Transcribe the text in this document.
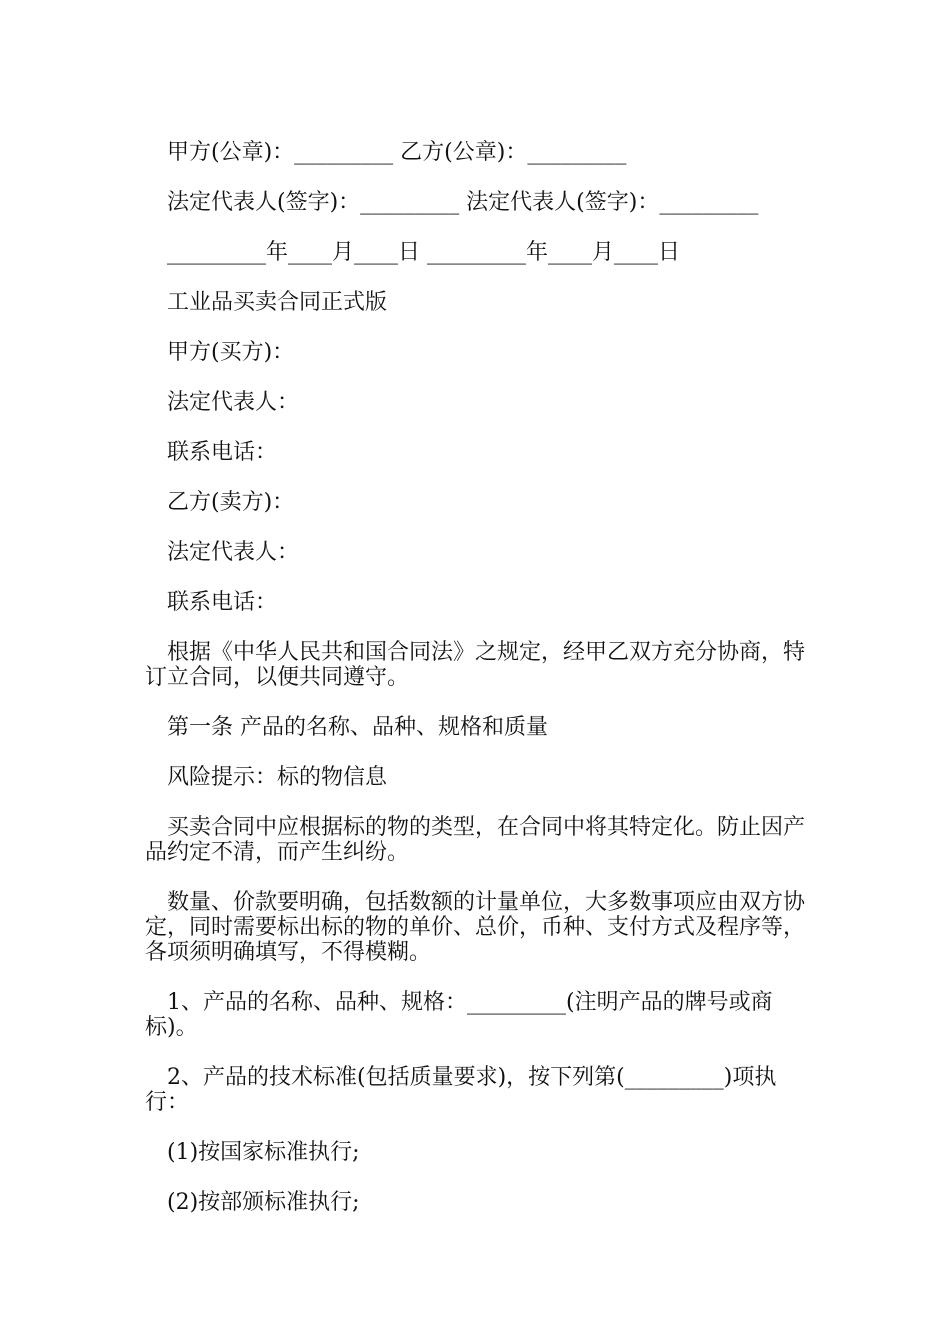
甲方(公章)：_________ 乙方(公章)：_________

法定代表人(签字)：_________ 法定代表人(签字)：_________

_________年____月____日 _________年____月____日

工业品买卖合同正式版

甲方(买方)：

法定代表人：

联系电话：

乙方(卖方)：

法定代表人：

联系电话：

根据《中华人民共和国合同法》之规定，经甲乙双方充分协商，特订立合同，以便共同遵守。

第一条 产品的名称、品种、规格和质量

风险提示：标的物信息

买卖合同中应根据标的物的类型，在合同中将其特定化。防止因产品约定不清，而产生纠纷。

数量、价款要明确，包括数额的计量单位，大多数事项应由双方协定，同时需要标出标的物的单价、总价，币种、支付方式及程序等，各项须明确填写，不得模糊。

1、产品的名称、品种、规格：_________(注明产品的牌号或商标)。

2、产品的技术标准(包括质量要求)，按下列第(_________)项执行：

(1)按国家标准执行;

(2)按部颁标准执行;
